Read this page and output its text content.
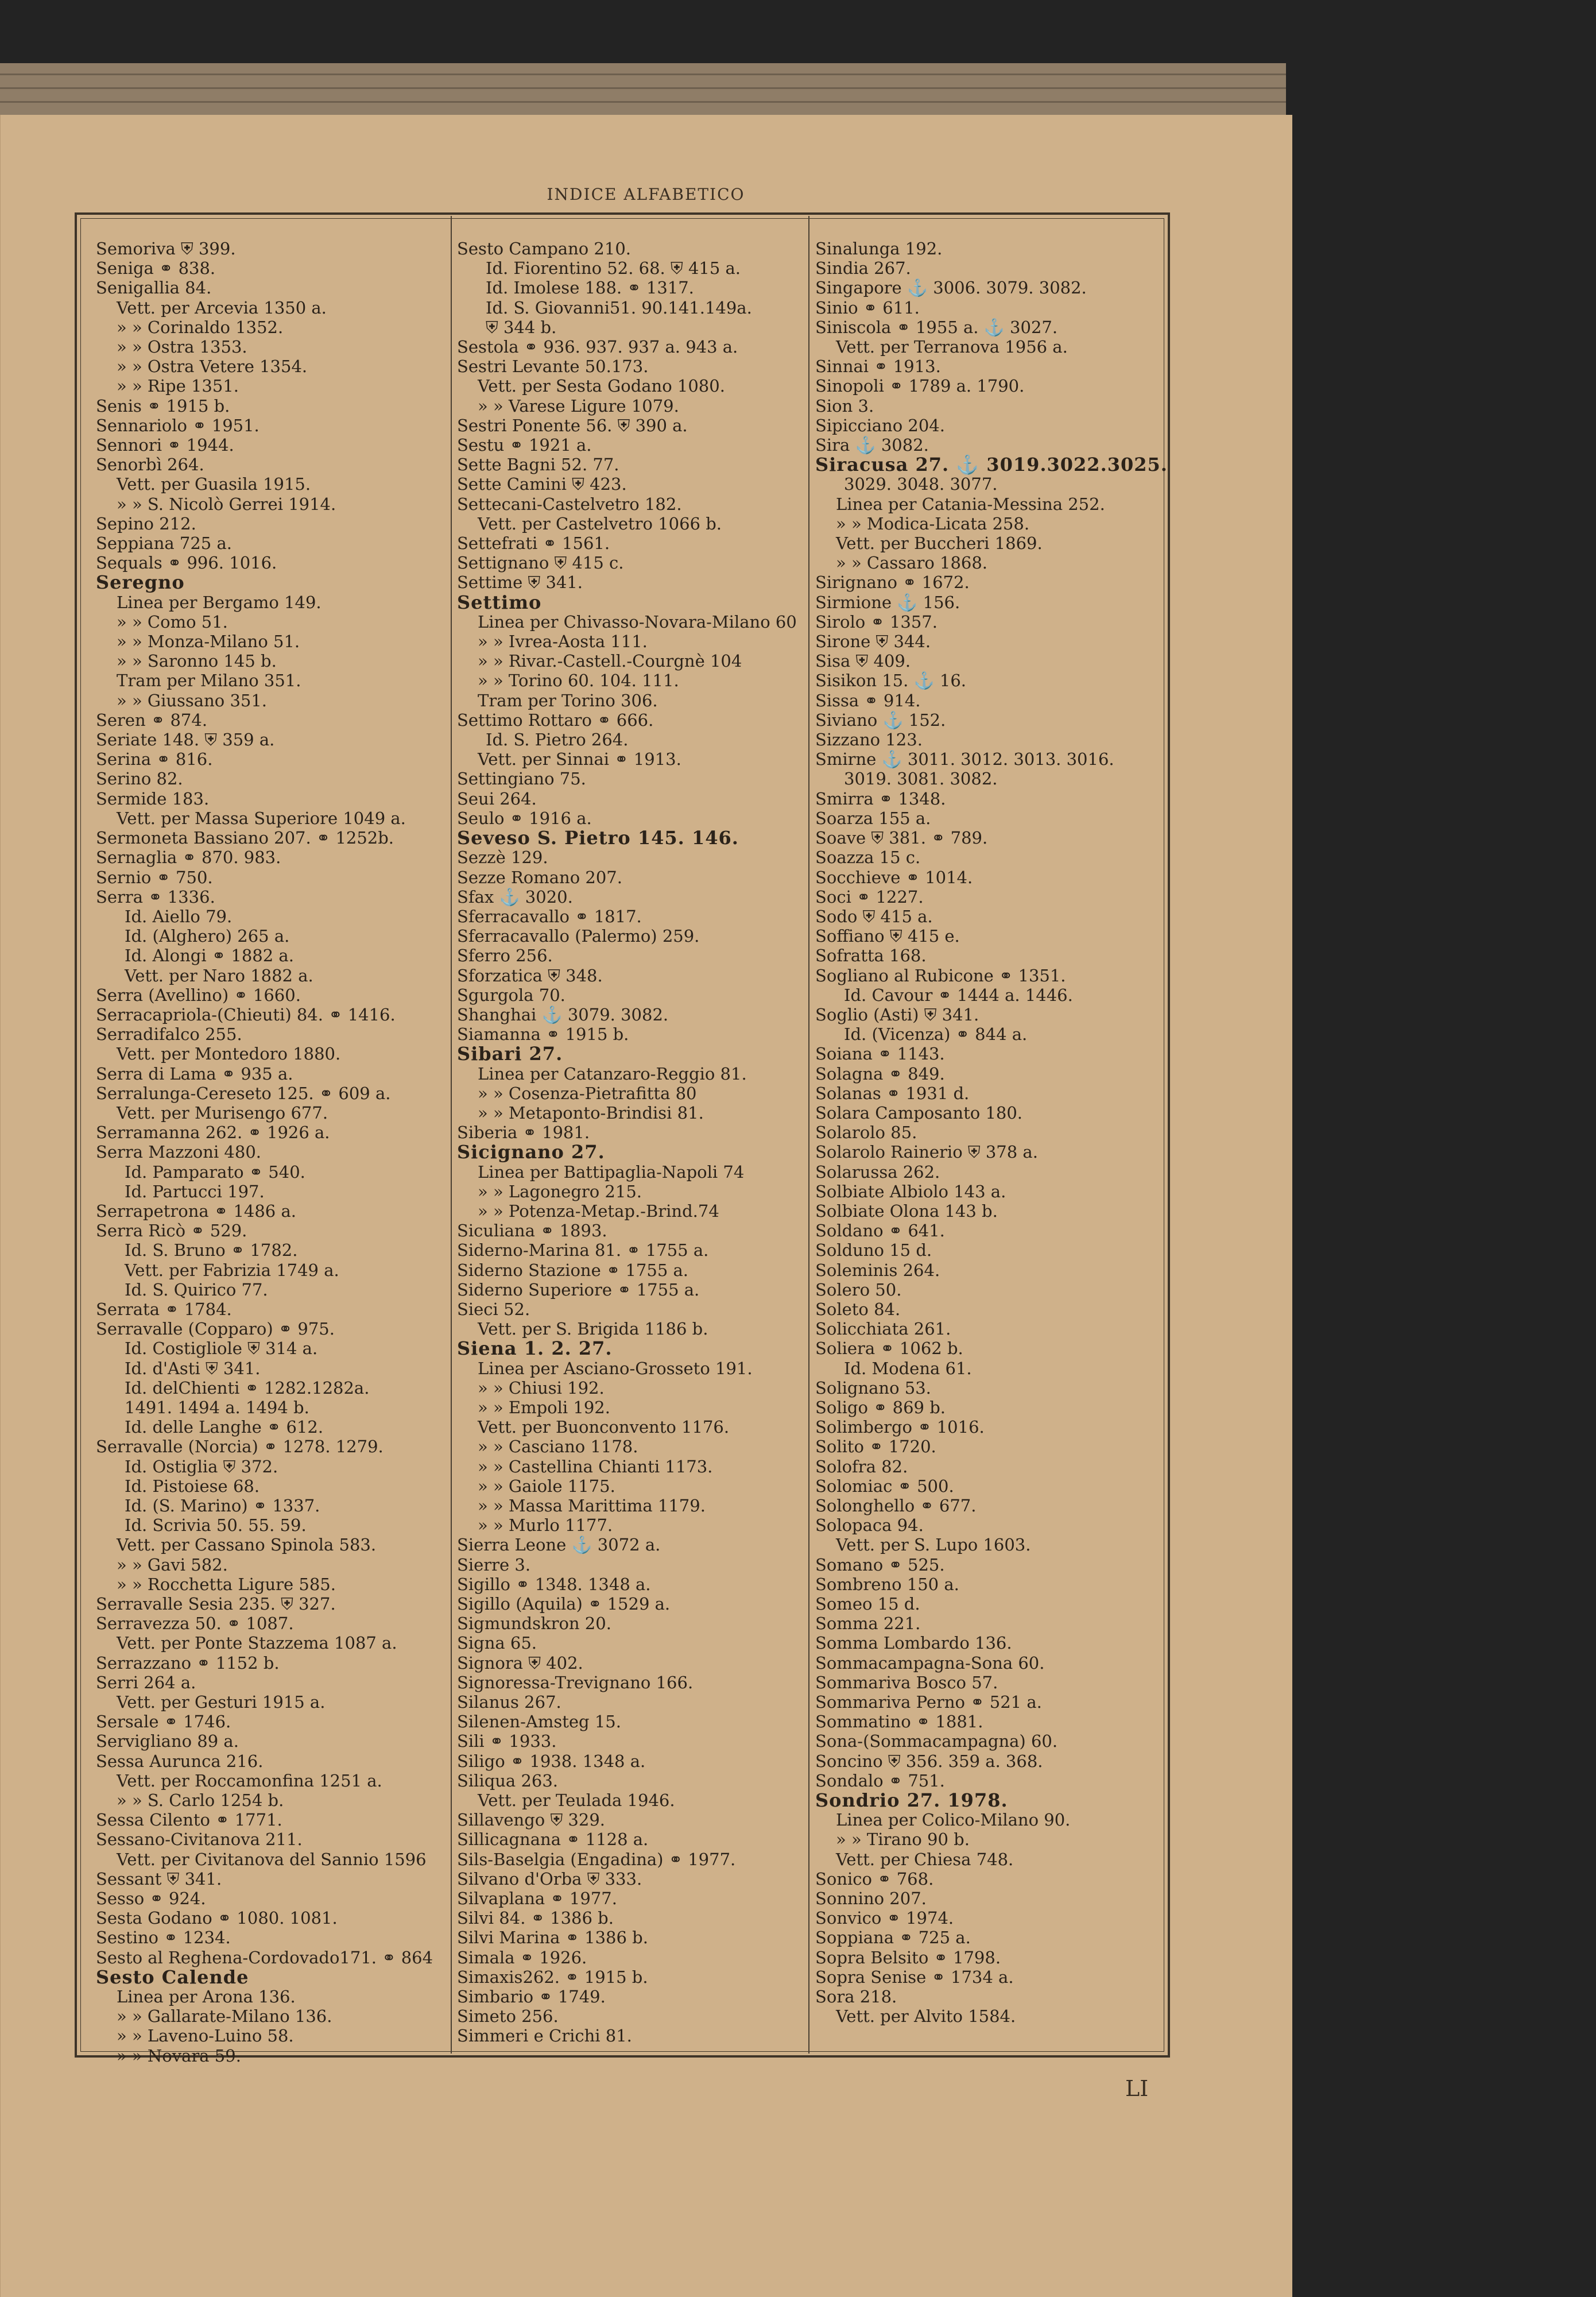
INDICE ALFABETICO
Semoriva ⛨ 399.
Seniga ⚭ 838.
Senigallia 84.
Vett. per Arcevia 1350 a.
» » Corinaldo 1352.
» » Ostra 1353.
» » Ostra Vetere 1354.
» » Ripe 1351.
Senis ⚭ 1915 b.
Sennariolo ⚭ 1951.
Sennori ⚭ 1944.
Senorbì 264.
Vett. per Guasila 1915.
» » S. Nicolò Gerrei 1914.
Sepino 212.
Seppiana 725 a.
Sequals ⚭ 996. 1016.
Seregno
Linea per Bergamo 149.
» » Como 51.
» » Monza-Milano 51.
» » Saronno 145 b.
Tram per Milano 351.
» » Giussano 351.
Seren ⚭ 874.
Seriate 148. ⛨ 359 a.
Serina ⚭ 816.
Serino 82.
Sermide 183.
Vett. per Massa Superiore 1049 a.
Sermoneta Bassiano 207. ⚭ 1252b.
Sernaglia ⚭ 870. 983.
Sernio ⚭ 750.
Serra ⚭ 1336.
Id. Aiello 79.
Id. (Alghero) 265 a.
Id. Alongi ⚭ 1882 a.
Vett. per Naro 1882 a.
Serra (Avellino) ⚭ 1660.
Serracapriola-(Chieuti) 84. ⚭ 1416.
Serradifalco 255.
Vett. per Montedoro 1880.
Serra di Lama ⚭ 935 a.
Serralunga-Cereseto 125. ⚭ 609 a.
Vett. per Murisengo 677.
Serramanna 262. ⚭ 1926 a.
Serra Mazzoni 480.
Id. Pamparato ⚭ 540.
Id. Partucci 197.
Serrapetrona ⚭ 1486 a.
Serra Ricò ⚭ 529.
Id. S. Bruno ⚭ 1782.
Vett. per Fabrizia 1749 a.
Id. S. Quirico 77.
Serrata ⚭ 1784.
Serravalle (Copparo) ⚭ 975.
Id. Costigliole ⛨ 314 a.
Id. d'Asti ⛨ 341.
Id. delChienti ⚭ 1282.1282a.
1491. 1494 a. 1494 b.
Id. delle Langhe ⚭ 612.
Serravalle (Norcia) ⚭ 1278. 1279.
Id. Ostiglia ⛨ 372.
Id. Pistoiese 68.
Id. (S. Marino) ⚭ 1337.
Id. Scrivia 50. 55. 59.
Vett. per Cassano Spinola 583.
» » Gavi 582.
» » Rocchetta Ligure 585.
Serravalle Sesia 235. ⛨ 327.
Serravezza 50. ⚭ 1087.
Vett. per Ponte Stazzema 1087 a.
Serrazzano ⚭ 1152 b.
Serri 264 a.
Vett. per Gesturi 1915 a.
Sersale ⚭ 1746.
Servigliano 89 a.
Sessa Aurunca 216.
Vett. per Roccamonfina 1251 a.
» » S. Carlo 1254 b.
Sessa Cilento ⚭ 1771.
Sessano-Civitanova 211.
Vett. per Civitanova del Sannio 1596
Sessant ⛨ 341.
Sesso ⚭ 924.
Sesta Godano ⚭ 1080. 1081.
Sestino ⚭ 1234.
Sesto al Reghena-Cordovado171. ⚭ 864
Sesto Calende
Linea per Arona 136.
» » Gallarate-Milano 136.
» » Laveno-Luino 58.
» » Novara 59.
Sesto Campano 210.
Id. Fiorentino 52. 68. ⛨ 415 a.
Id. Imolese 188. ⚭ 1317.
Id. S. Giovanni51. 90.141.149a.
⛨ 344 b.
Sestola ⚭ 936. 937. 937 a. 943 a.
Sestri Levante 50.173.
Vett. per Sesta Godano 1080.
» » Varese Ligure 1079.
Sestri Ponente 56. ⛨ 390 a.
Sestu ⚭ 1921 a.
Sette Bagni 52. 77.
Sette Camini ⛨ 423.
Settecani-Castelvetro 182.
Vett. per Castelvetro 1066 b.
Settefrati ⚭ 1561.
Settignano ⛨ 415 c.
Settime ⛨ 341.
Settimo
Linea per Chivasso-Novara-Milano 60
» » Ivrea-Aosta 111.
» » Rivar.-Castell.-Courgnè 104
» » Torino 60. 104. 111.
Tram per Torino 306.
Settimo Rottaro ⚭ 666.
Id. S. Pietro 264.
Vett. per Sinnai ⚭ 1913.
Settingiano 75.
Seui 264.
Seulo ⚭ 1916 a.
Seveso S. Pietro 145. 146.
Sezzè 129.
Sezze Romano 207.
Sfax ⚓ 3020.
Sferracavallo ⚭ 1817.
Sferracavallo (Palermo) 259.
Sferro 256.
Sforzatica ⛨ 348.
Sgurgola 70.
Shanghai ⚓ 3079. 3082.
Siamanna ⚭ 1915 b.
Sibari 27.
Linea per Catanzaro-Reggio 81.
» » Cosenza-Pietrafitta 80
» » Metaponto-Brindisi 81.
Siberia ⚭ 1981.
Sicignano 27.
Linea per Battipaglia-Napoli 74
» » Lagonegro 215.
» » Potenza-Metap.-Brind.74
Siculiana ⚭ 1893.
Siderno-Marina 81. ⚭ 1755 a.
Siderno Stazione ⚭ 1755 a.
Siderno Superiore ⚭ 1755 a.
Sieci 52.
Vett. per S. Brigida 1186 b.
Siena 1. 2. 27.
Linea per Asciano-Grosseto 191.
» » Chiusi 192.
» » Empoli 192.
Vett. per Buonconvento 1176.
» » Casciano 1178.
» » Castellina Chianti 1173.
» » Gaiole 1175.
» » Massa Marittima 1179.
» » Murlo 1177.
Sierra Leone ⚓ 3072 a.
Sierre 3.
Sigillo ⚭ 1348. 1348 a.
Sigillo (Aquila) ⚭ 1529 a.
Sigmundskron 20.
Signa 65.
Signora ⛨ 402.
Signoressa-Trevignano 166.
Silanus 267.
Silenen-Amsteg 15.
Sili ⚭ 1933.
Siligo ⚭ 1938. 1348 a.
Siliqua 263.
Vett. per Teulada 1946.
Sillavengo ⛨ 329.
Sillicagnana ⚭ 1128 a.
Sils-Baselgia (Engadina) ⚭ 1977.
Silvano d'Orba ⛨ 333.
Silvaplana ⚭ 1977.
Silvi 84. ⚭ 1386 b.
Silvi Marina ⚭ 1386 b.
Simala ⚭ 1926.
Simaxis262. ⚭ 1915 b.
Simbario ⚭ 1749.
Simeto 256.
Simmeri e Crichi 81.
Sinalunga 192.
Sindia 267.
Singapore ⚓ 3006. 3079. 3082.
Sinio ⚭ 611.
Siniscola ⚭ 1955 a. ⚓ 3027.
Vett. per Terranova 1956 a.
Sinnai ⚭ 1913.
Sinopoli ⚭ 1789 a. 1790.
Sion 3.
Sipicciano 204.
Sira ⚓ 3082.
Siracusa 27. ⚓ 3019.3022.3025.
3029. 3048. 3077.
Linea per Catania-Messina 252.
» » Modica-Licata 258.
Vett. per Buccheri 1869.
» » Cassaro 1868.
Sirignano ⚭ 1672.
Sirmione ⚓ 156.
Sirolo ⚭ 1357.
Sirone ⛨ 344.
Sisa ⛨ 409.
Sisikon 15. ⚓ 16.
Sissa ⚭ 914.
Siviano ⚓ 152.
Sizzano 123.
Smirne ⚓ 3011. 3012. 3013. 3016.
3019. 3081. 3082.
Smirra ⚭ 1348.
Soarza 155 a.
Soave ⛨ 381. ⚭ 789.
Soazza 15 c.
Socchieve ⚭ 1014.
Soci ⚭ 1227.
Sodo ⛨ 415 a.
Soffiano ⛨ 415 e.
Sofratta 168.
Sogliano al Rubicone ⚭ 1351.
Id. Cavour ⚭ 1444 a. 1446.
Soglio (Asti) ⛨ 341.
Id. (Vicenza) ⚭ 844 a.
Soiana ⚭ 1143.
Solagna ⚭ 849.
Solanas ⚭ 1931 d.
Solara Camposanto 180.
Solarolo 85.
Solarolo Rainerio ⛨ 378 a.
Solarussa 262.
Solbiate Albiolo 143 a.
Solbiate Olona 143 b.
Soldano ⚭ 641.
Solduno 15 d.
Soleminis 264.
Solero 50.
Soleto 84.
Solicchiata 261.
Soliera ⚭ 1062 b.
Id. Modena 61.
Solignano 53.
Soligo ⚭ 869 b.
Solimbergo ⚭ 1016.
Solito ⚭ 1720.
Solofra 82.
Solomiac ⚭ 500.
Solonghello ⚭ 677.
Solopaca 94.
Vett. per S. Lupo 1603.
Somano ⚭ 525.
Sombreno 150 a.
Someo 15 d.
Somma 221.
Somma Lombardo 136.
Sommacampagna-Sona 60.
Sommariva Bosco 57.
Sommariva Perno ⚭ 521 a.
Sommatino ⚭ 1881.
Sona-(Sommacampagna) 60.
Soncino ⛨ 356. 359 a. 368.
Sondalo ⚭ 751.
Sondrio 27. 1978.
Linea per Colico-Milano 90.
» » Tirano 90 b.
Vett. per Chiesa 748.
Sonico ⚭ 768.
Sonnino 207.
Sonvico ⚭ 1974.
Soppiana ⚭ 725 a.
Sopra Belsito ⚭ 1798.
Sopra Senise ⚭ 1734 a.
Sora 218.
Vett. per Alvito 1584.
LI
